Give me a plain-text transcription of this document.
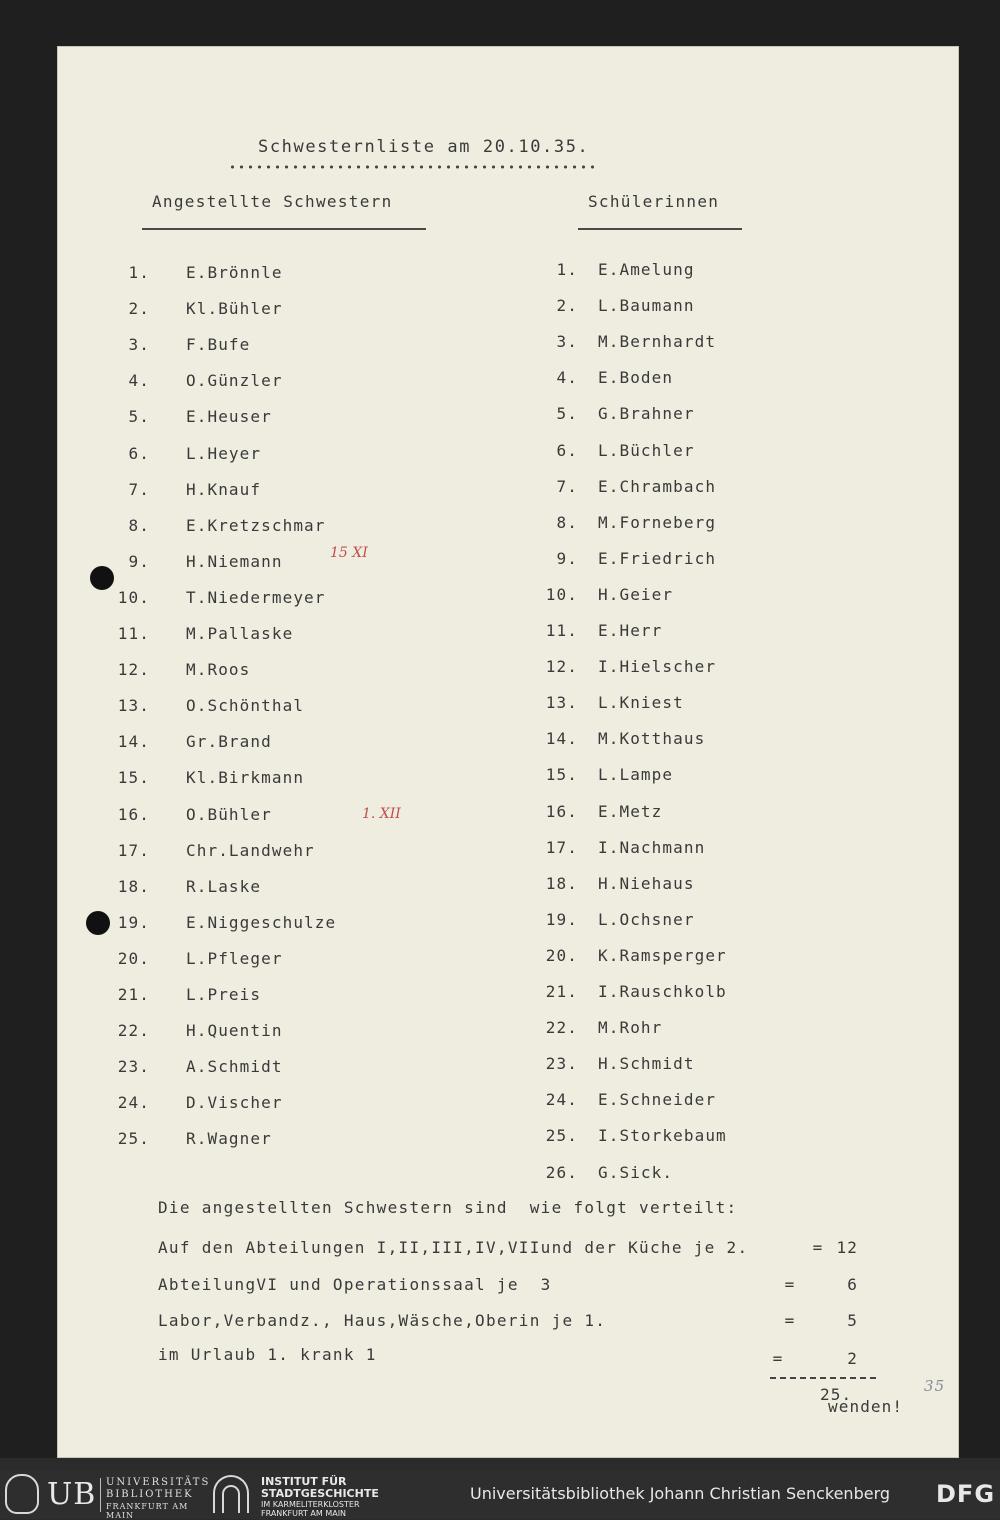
Schwesternliste am 20.10.35.
Angestellte Schwestern	Schülerinnen
1. E.Brönnle
2. Kl.Bühler
3. F.Bufe
4. O.Günzler
5. E.Heuser
6. L.Heyer
7. H.Knauf
8. E.Kretzschmar
9. H.Niemann
10. T.Niedermeyer
11. M.Pallaske
12. M.Roos
13. O.Schönthal
14. Gr.Brand
15. Kl.Birkmann
16. O.Bühler
17. Chr.Landwehr
18. R.Laske
19. E.Niggeschulze
20. L.Pfleger
21. L.Preis
22. H.Quentin
23. A.Schmidt
24. D.Vischer
25. R.Wagner
1. E.Amelung
2. L.Baumann
3. M.Bernhardt
4. E.Boden
5. G.Brahner
6. L.Büchler
7. E.Chrambach
8. M.Forneberg
9. E.Friedrich
10. H.Geier
11. E.Herr
12. I.Hielscher
13. L.Kniest
14. M.Kotthaus
15. L.Lampe
16. E.Metz
17. I.Nachmann
18. H.Niehaus
19. L.Ochsner
20. K.Ramsperger
21. I.Rauschkolb
22. M.Rohr
23. H.Schmidt
24. E.Schneider
25. I.Storkebaum
26. G.Sick.
15 XI
1. XII
Die angestellten Schwestern sind  wie folgt verteilt:
Auf den Abteilungen I,II,III,IV,VIIund der Küche je 2.	= 12
AbteilungVI und Operationssaal je  3	=	6
Labor,Verbandz., Haus,Wäsche,Oberin je 1.	=	5
im Urlaub 1. krank 1	=	2
25.
wenden!
35
UB UNIVERSITÄTS
BIBLIOTHEK
FRANKFURT AM MAIN
INSTITUT FÜR
STADTGESCHICHTE
IM KARMELITERKLOSTER
FRANKFURT AM MAIN
Universitätsbibliothek Johann Christian Senckenberg DFG
